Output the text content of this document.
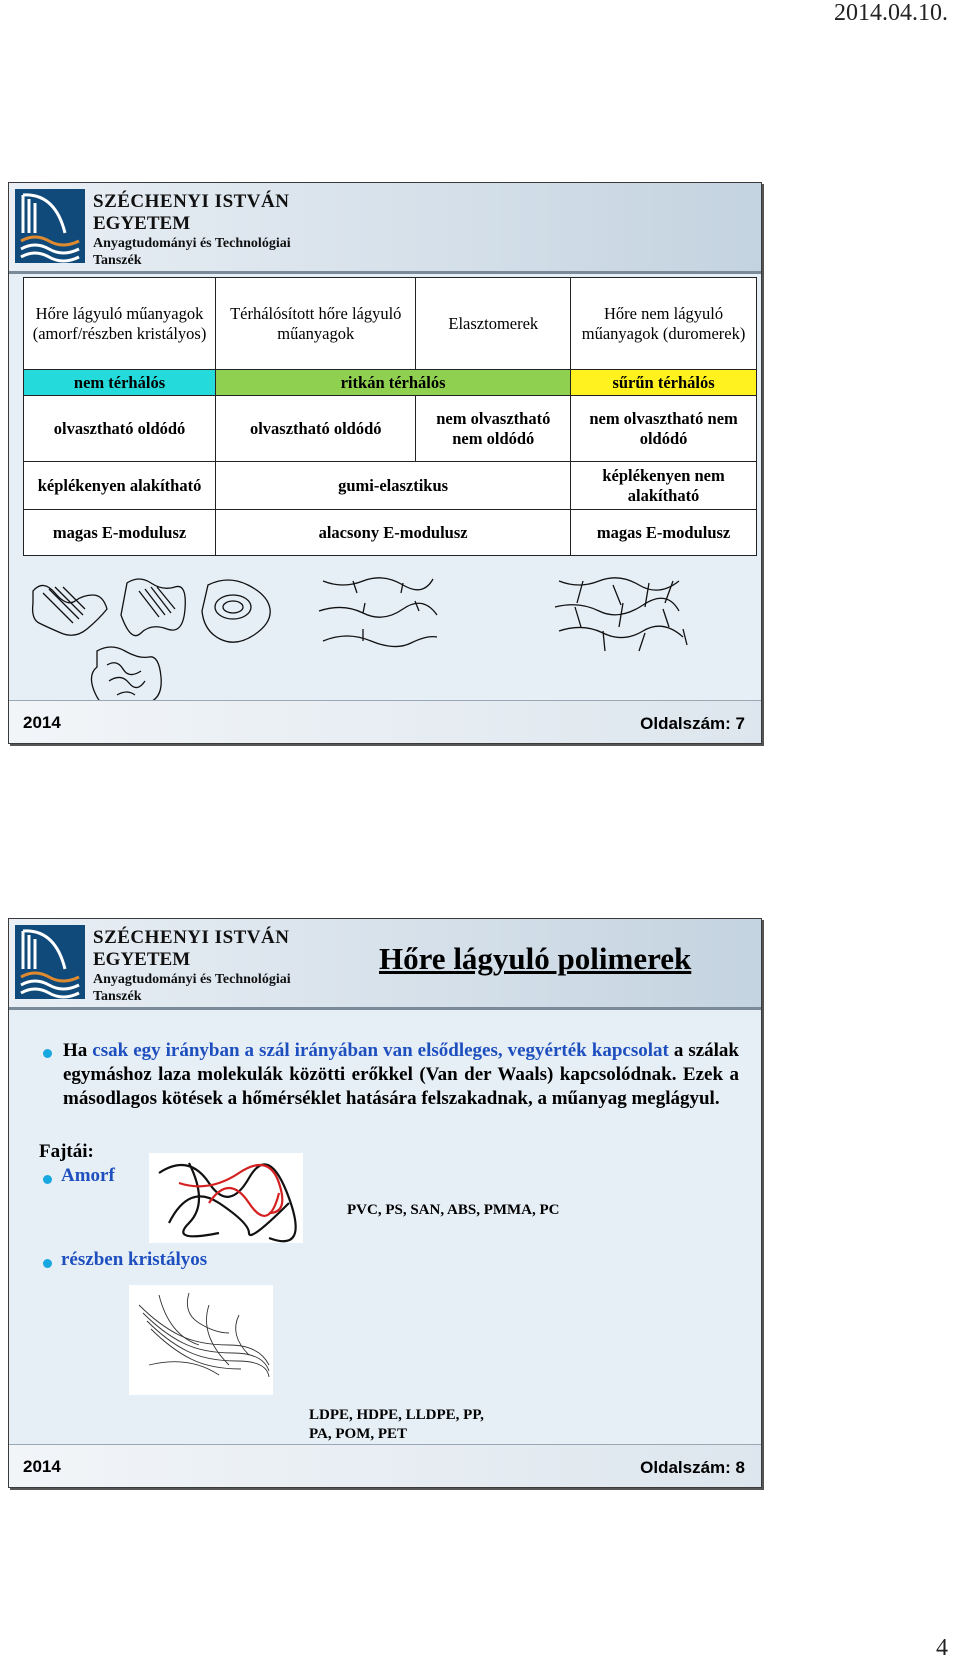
2014.04.10.
SZÉCHENYI ISTVÁN
EGYETEM
Anyagtudományi és Technológiai
Tanszék
Hőre lágyuló műanyagok (amorf/részben kristályos)	Térhálósított hőre lágyuló műanyagok	Elasztomerek	Hőre nem lágyuló műanyagok (duromerek)
nem térhálós	ritkán térhálós		sűrűn térhálós
olvasztható oldódó	olvasztható oldódó	nem olvasztható nem oldódó	nem olvasztható nem oldódó
képlékenyen alakítható	gumi-elasztikus		képlékenyen nem alakítható
magas E-modulusz	alacsony E-modulusz		magas E-modulusz
2014	Oldalszám: 7
SZÉCHENYI ISTVÁN
EGYETEM
Anyagtudományi és Technológiai
Tanszék
Hőre lágyuló polimerek
Ha csak egy irányban a szál irányában van elsődleges, vegyérték kapcsolat a szálak egymáshoz laza molekulák közötti erőkkel (Van der Waals) kapcsolódnak. Ezek a másodlagos kötések a hőmérséklet hatására felszakadnak, a műanyag meglágyul.
Fajtái:
Amorf
PVC, PS, SAN, ABS, PMMA, PC
részben kristályos
LDPE, HDPE, LLDPE, PP,
PA, POM, PET
2014	Oldalszám: 8
4
